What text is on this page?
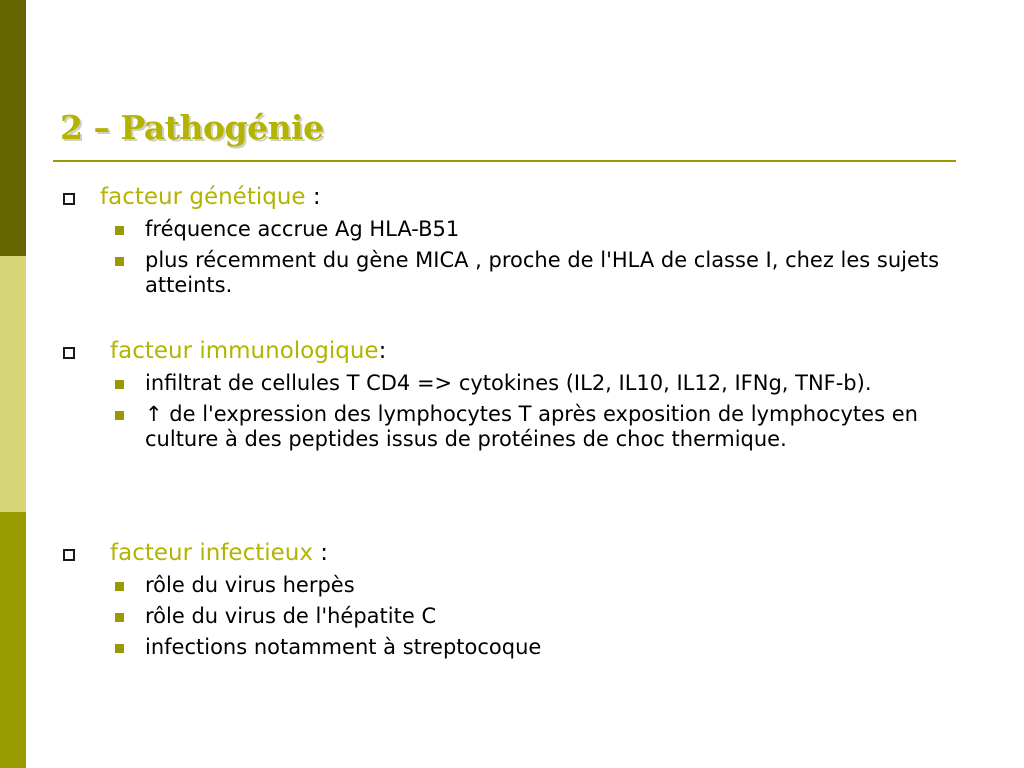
2 – Pathogénie
facteur génétique :
fréquence accrue Ag HLA-B51
plus récemment du gène MICA , proche de l'HLA de classe I, chez les sujets atteints.
facteur immunologique:
infiltrat de cellules T CD4 => cytokines (IL2, IL10, IL12, IFNg, TNF-b).
↑ de l'expression des lymphocytes T après exposition de lymphocytes en culture à des peptides issus de protéines de choc thermique.
facteur infectieux :
rôle du virus herpès
rôle du virus de l'hépatite C
infections notamment à streptocoque
